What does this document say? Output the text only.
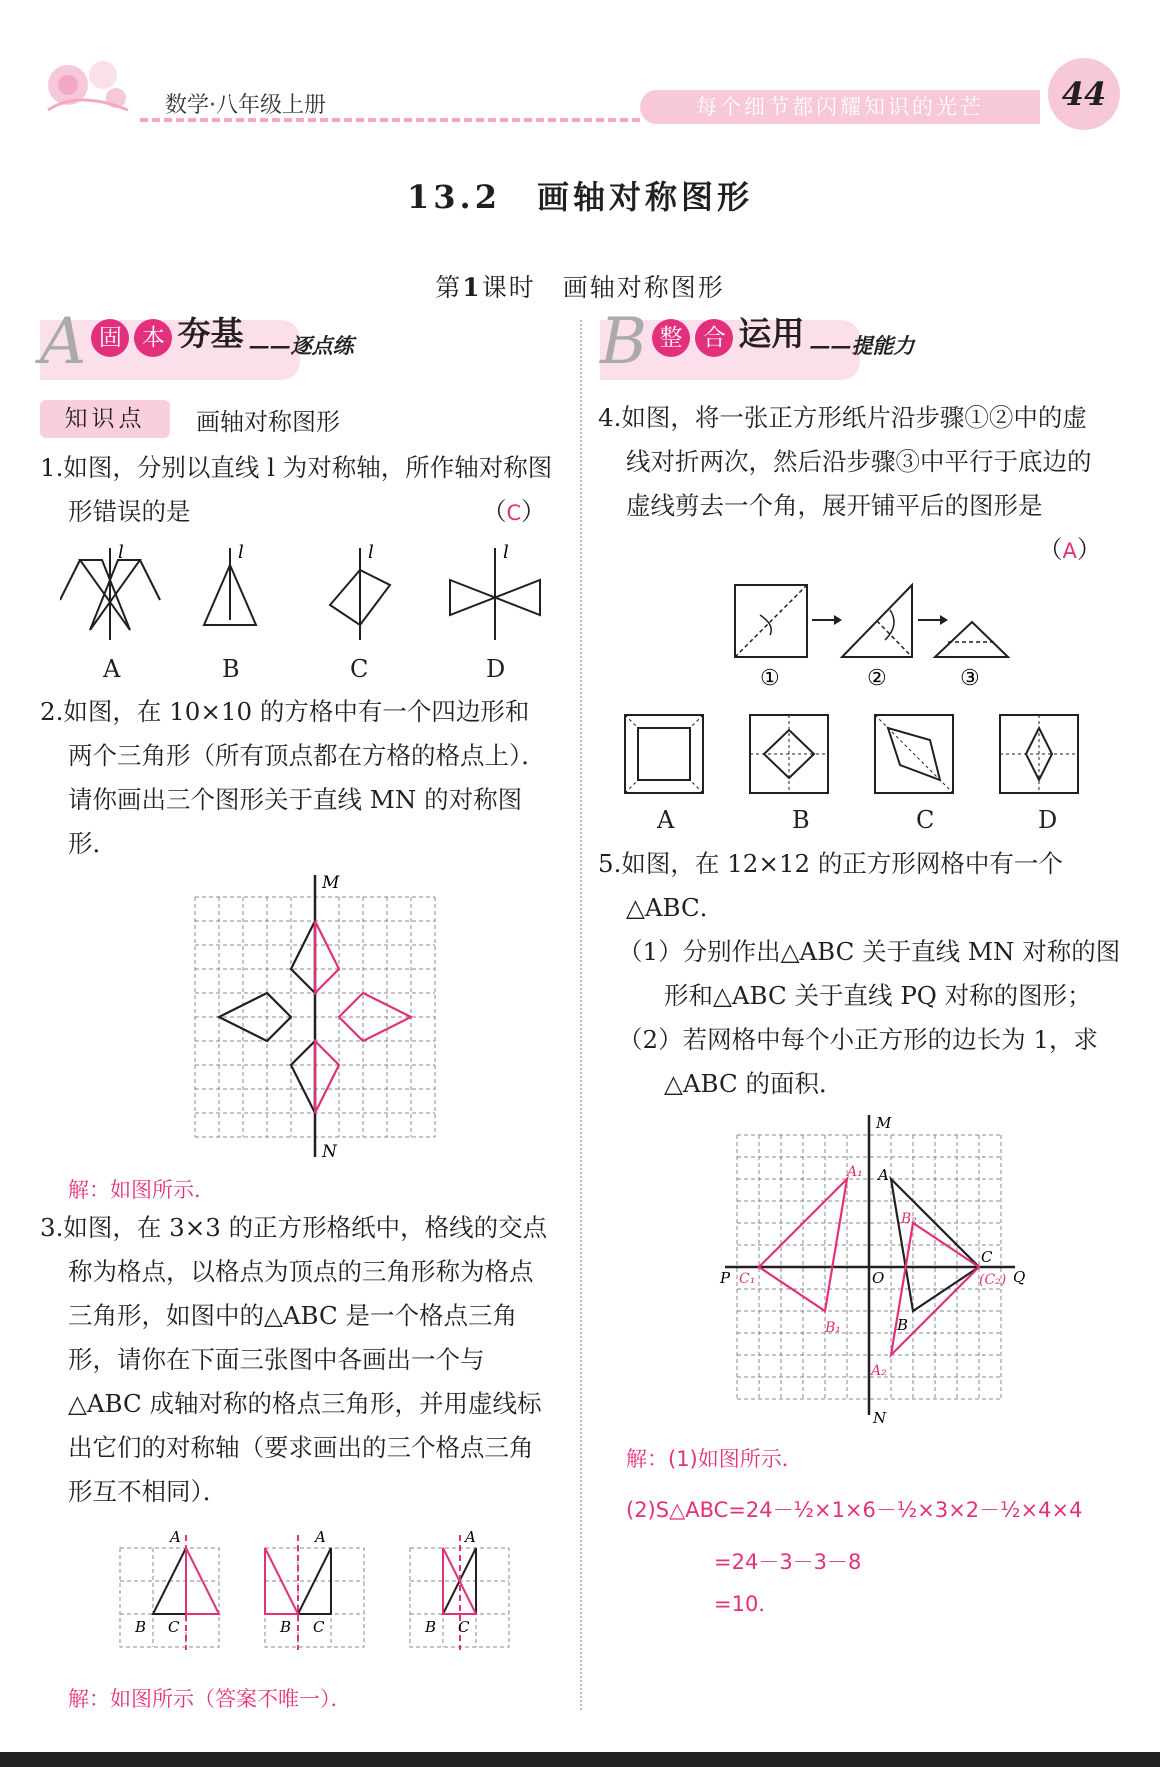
数学·八年级上册	每个细节都闪耀知识的光芒	44
13.2　画轴对称图形
第1课时　画轴对称图形
A 固 本 夯基 ——逐点练
知识点	画轴对称图形
1.如图，分别以直线 l 为对称轴，所作轴对称图
形错误的是	（C）
l	l	l	l
A	B	C	D
2.如图，在 10×10 的方格中有一个四边形和
两个三角形（所有顶点都在方格的格点上）．
请你画出三个图形关于直线 MN 的对称图
形．
M
N
解：如图所示．
3.如图，在 3×3 的正方形格纸中，格线的交点
称为格点，以格点为顶点的三角形称为格点
三角形，如图中的△ABC 是一个格点三角
形，请你在下面三张图中各画出一个与
△ABC 成轴对称的格点三角形，并用虚线标
出它们的对称轴（要求画出的三个格点三角
形互不相同）．
A
B C
A
B C
A
B C
解：如图所示（答案不唯一）．
B 整 合 运用 ——提能力
4.如图，将一张正方形纸片沿步骤①②中的虚
线对折两次，然后沿步骤③中平行于底边的
虚线剪去一个角，展开铺平后的图形是
（A）
①	②	③
A	B	C	D
5.如图，在 12×12 的正方形网格中有一个
△ABC．
（1）分别作出△ABC 关于直线 MN 对称的图
形和△ABC 关于直线 PQ 对称的图形；
（2）若网格中每个小正方形的边长为 1，求
△ABC 的面积．
M
N
P	Q
O
A
B
C
A₁
B₁
C₁
A₂
B₂
(C₂)
解：(1)如图所示．
(2)S△ABC=24－½×1×6－½×3×2－½×4×4
=24－3－3－8
=10．
